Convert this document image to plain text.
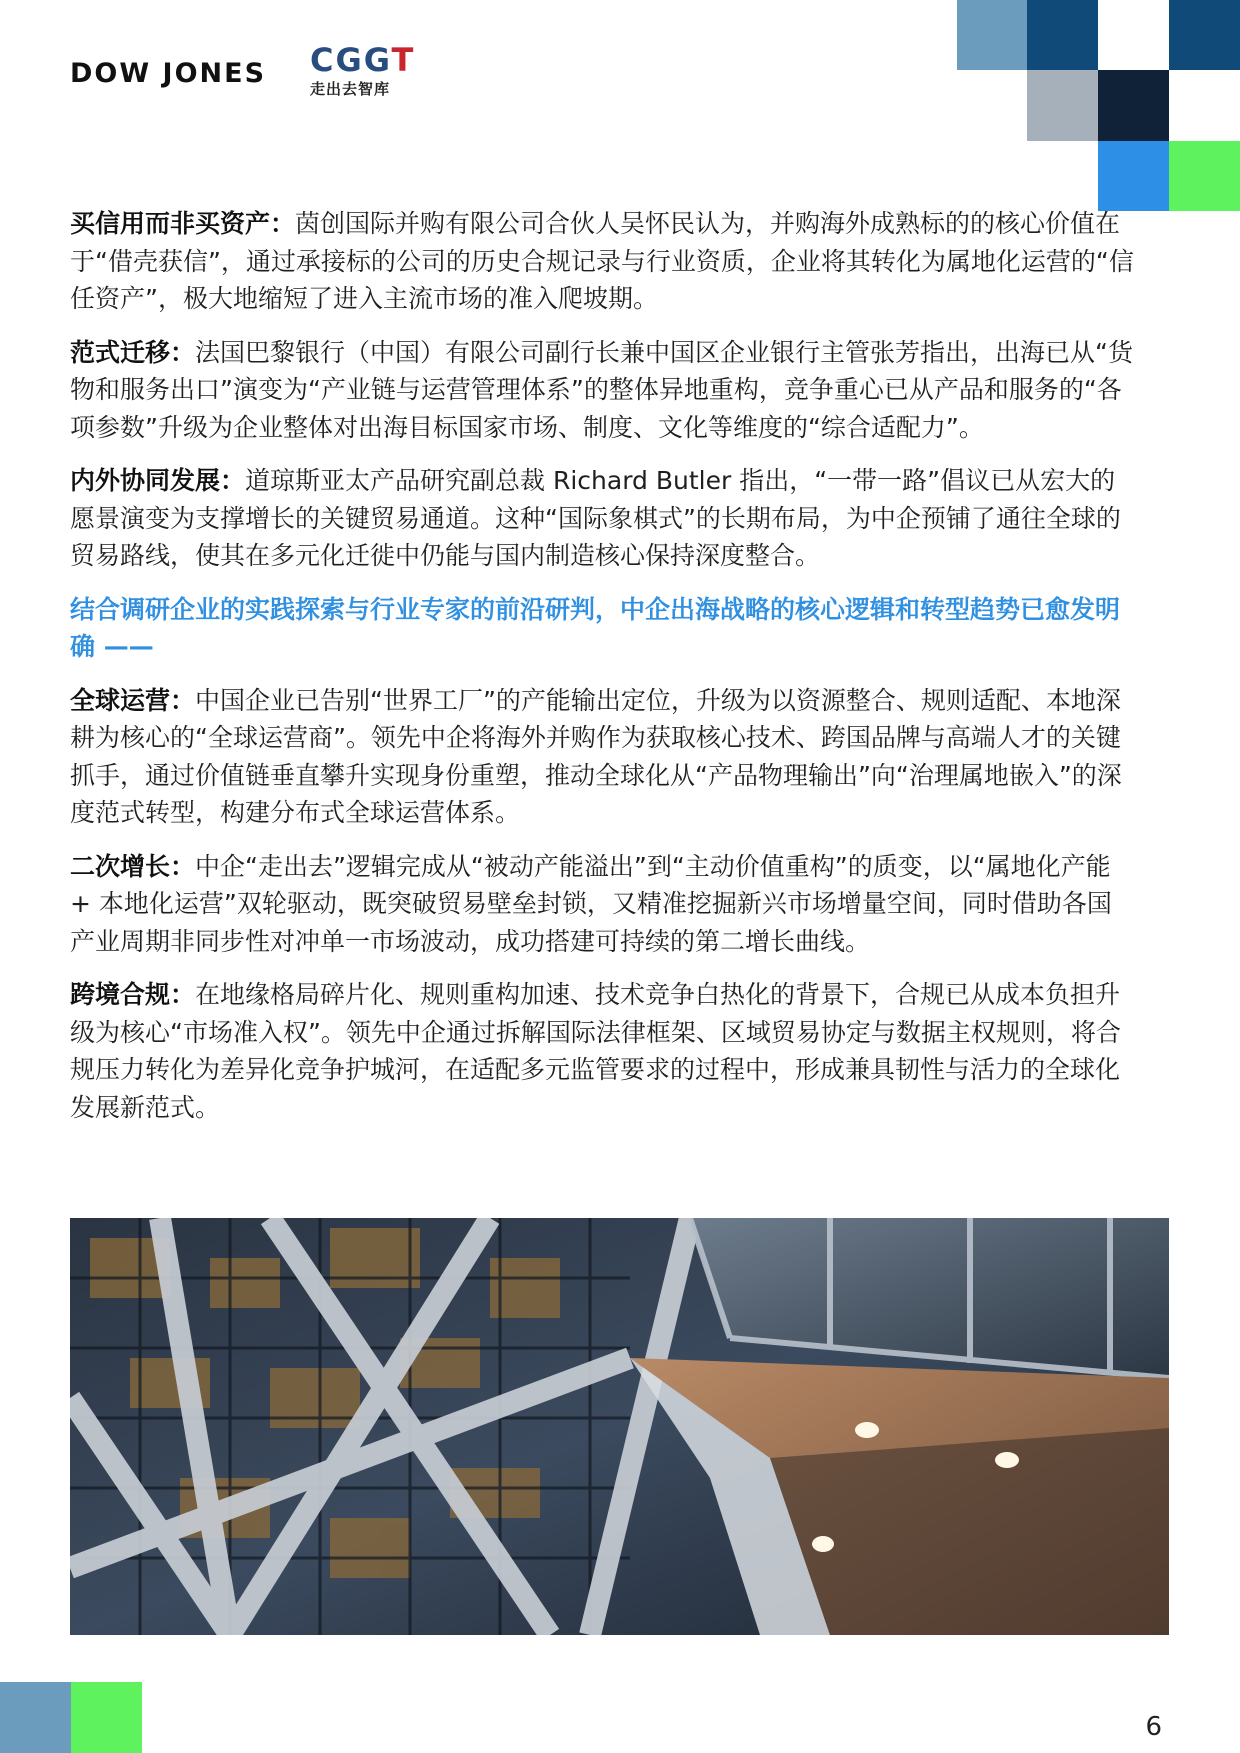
DOW JONES CGGT
走出去智库

买信用而非买资产：茵创国际并购有限公司合伙人吴怀民认为，并购海外成熟标的的核心价值在于“借壳获信”，通过承接标的公司的历史合规记录与行业资质，企业将其转化为属地化运营的“信任资产”，极大地缩短了进入主流市场的准入爬坡期。

范式迁移：法国巴黎银行（中国）有限公司副行长兼中国区企业银行主管张芳指出，出海已从“货物和服务出口”演变为“产业链与运营管理体系”的整体异地重构，竞争重心已从产品和服务的“各项参数”升级为企业整体对出海目标国家市场、制度、文化等维度的“综合适配力”。

内外协同发展：道琼斯亚太产品研究副总裁 Richard Butler 指出，“一带一路”倡议已从宏大的愿景演变为支撑增长的关键贸易通道。这种“国际象棋式”的长期布局，为中企预铺了通往全球的贸易路线，使其在多元化迁徙中仍能与国内制造核心保持深度整合。

结合调研企业的实践探索与行业专家的前沿研判，中企出海战略的核心逻辑和转型趋势已愈发明确 ——

全球运营：中国企业已告别“世界工厂”的产能输出定位，升级为以资源整合、规则适配、本地深耕为核心的“全球运营商”。领先中企将海外并购作为获取核心技术、跨国品牌与高端人才的关键抓手，通过价值链垂直攀升实现身份重塑，推动全球化从“产品物理输出”向“治理属地嵌入”的深度范式转型，构建分布式全球运营体系。

二次增长：中企“走出去”逻辑完成从“被动产能溢出”到“主动价值重构”的质变，以“属地化产能 + 本地化运营”双轮驱动，既突破贸易壁垒封锁，又精准挖掘新兴市场增量空间，同时借助各国产业周期非同步性对冲单一市场波动，成功搭建可持续的第二增长曲线。

跨境合规：在地缘格局碎片化、规则重构加速、技术竞争白热化的背景下，合规已从成本负担升级为核心“市场准入权”。领先中企通过拆解国际法律框架、区域贸易协定与数据主权规则，将合规压力转化为差异化竞争护城河，在适配多元监管要求的过程中，形成兼具韧性与活力的全球化发展新范式。

6
